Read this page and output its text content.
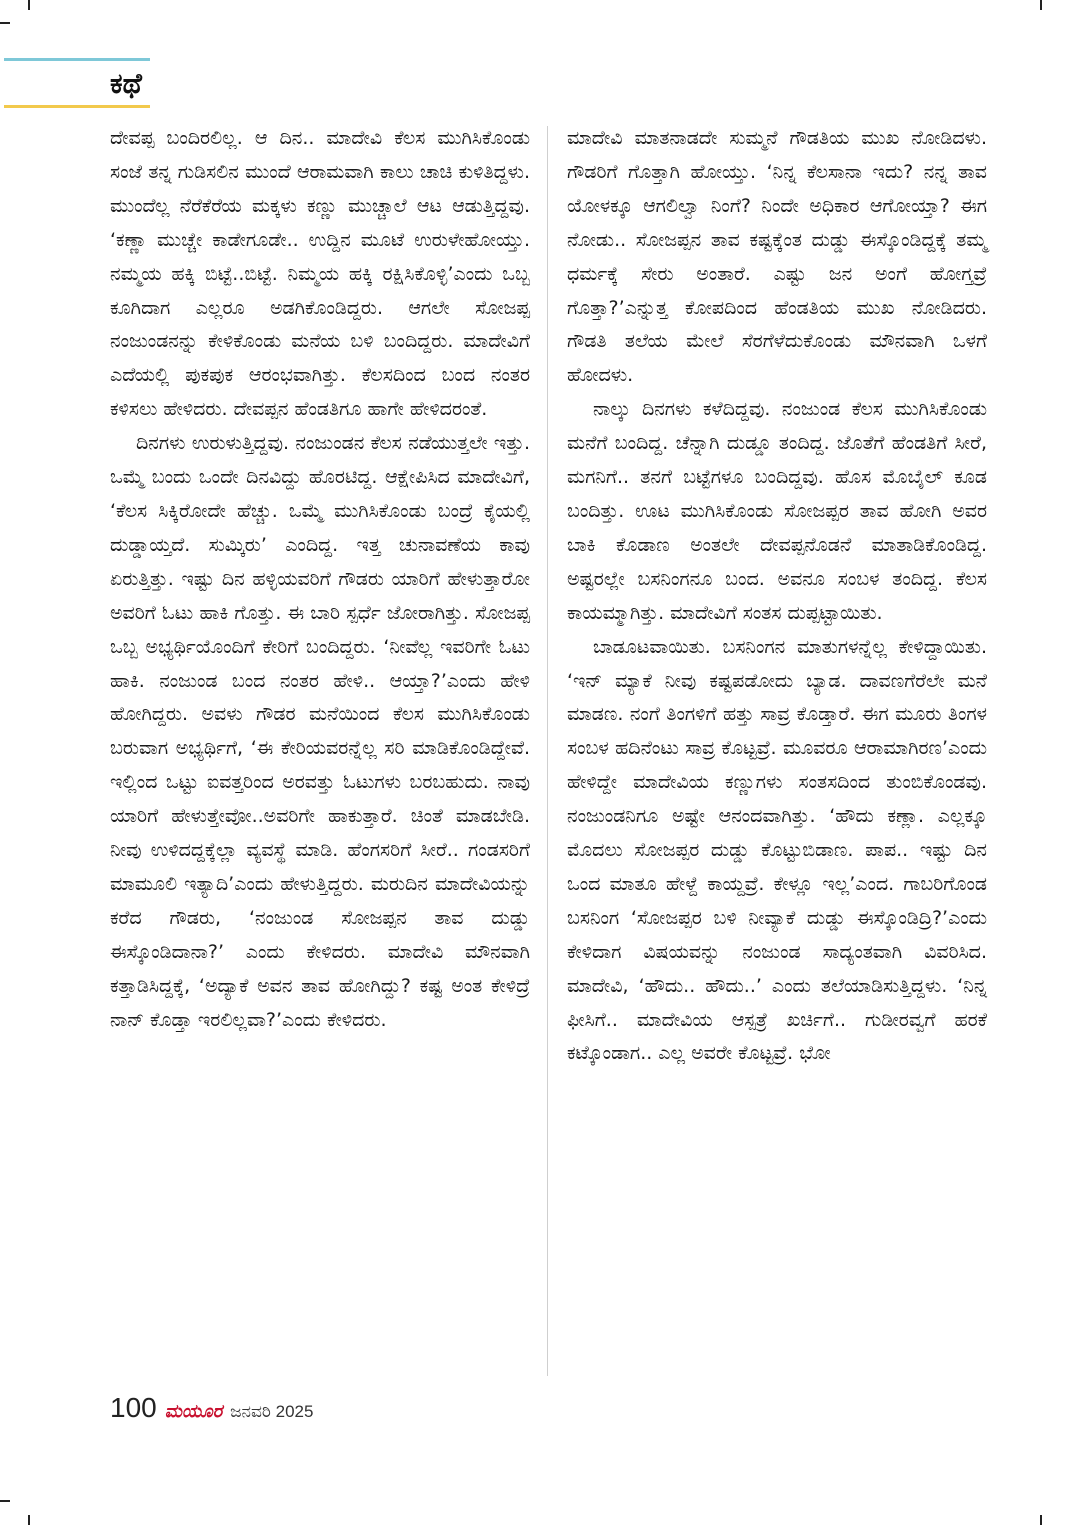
ಕಥೆ

ದೇವಪ್ಪ ಬಂದಿರಲಿಲ್ಲ. ಆ ದಿನ.. ಮಾದೇವಿ ಕೆಲಸ ಮುಗಿಸಿಕೊಂಡು ಸಂಜೆ ತನ್ನ ಗುಡಿಸಲಿನ ಮುಂದೆ ಆರಾಮವಾಗಿ ಕಾಲು ಚಾಚಿ ಕುಳಿತಿದ್ದಳು. ಮುಂದೆಲ್ಲ ನೆರೆಕೆರೆಯ ಮಕ್ಕಳು ಕಣ್ಣು ಮುಚ್ಚಾಲೆ ಆಟ ಆಡುತ್ತಿದ್ದವು. ‘ಕಣ್ಣಾ ಮುಚ್ಚೇ ಕಾಡೇಗೂಡೇ.. ಉದ್ದಿನ ಮೂಟೆ ಉರುಳೇಹೋಯ್ತು. ನಮ್ಮಯ ಹಕ್ಕಿ ಬಿಟ್ಟೆ..ಬಿಟ್ಟೆ. ನಿಮ್ಮಯ ಹಕ್ಕಿ ರಕ್ಷಿಸಿಕೊಳ್ಳಿ’ಎಂದು ಒಬ್ಬ ಕೂಗಿದಾಗ ಎಲ್ಲರೂ ಅಡಗಿಕೊಂಡಿದ್ದರು. ಆಗಲೇ ಸೋಜಪ್ಪ ನಂಜುಂಡನನ್ನು ಕೇಳಿಕೊಂಡು ಮನೆಯ ಬಳಿ ಬಂದಿದ್ದರು. ಮಾದೇವಿಗೆ ಎದೆಯಲ್ಲಿ ಪುಕಪುಕ ಆರಂಭವಾಗಿತ್ತು. ಕೆಲಸದಿಂದ ಬಂದ ನಂತರ ಕಳಿಸಲು ಹೇಳಿದರು. ದೇವಪ್ಪನ ಹೆಂಡತಿಗೂ ಹಾಗೇ ಹೇಳಿದರಂತೆ.

ದಿನಗಳು ಉರುಳುತ್ತಿದ್ದವು. ನಂಜುಂಡನ ಕೆಲಸ ನಡೆಯುತ್ತಲೇ ಇತ್ತು. ಒಮ್ಮೆ ಬಂದು ಒಂದೇ ದಿನವಿದ್ದು ಹೊರಟಿದ್ದ. ಆಕ್ಷೇಪಿಸಿದ ಮಾದೇವಿಗೆ, ‘ಕೆಲಸ ಸಿಕ್ಕಿರೋದೇ ಹೆಚ್ಚು. ಒಮ್ಮೆ ಮುಗಿಸಿಕೊಂಡು ಬಂದ್ರೆ ಕೈಯಲ್ಲಿ ದುಡ್ಡಾಯ್ತದೆ. ಸುಮ್ಕಿರು’ ಎಂದಿದ್ದ. ಇತ್ತ ಚುನಾವಣೆಯ ಕಾವು ಏರುತ್ತಿತ್ತು. ಇಷ್ಟು ದಿನ ಹಳ್ಳಿಯವರಿಗೆ ಗೌಡರು ಯಾರಿಗೆ ಹೇಳುತ್ತಾರೋ ಅವರಿಗೆ ಓಟು ಹಾಕಿ ಗೊತ್ತು. ಈ ಬಾರಿ ಸ್ಪರ್ಧೆ ಜೋರಾಗಿತ್ತು. ಸೋಜಪ್ಪ ಒಬ್ಬ ಅಭ್ಯರ್ಥಿಯೊಂದಿಗೆ ಕೇರಿಗೆ ಬಂದಿದ್ದರು. ‘ನೀವೆಲ್ಲ ಇವರಿಗೇ ಓಟು ಹಾಕಿ. ನಂಜುಂಡ ಬಂದ ನಂತರ ಹೇಳಿ.. ಆಯ್ತಾ?’ಎಂದು ಹೇಳಿ ಹೋಗಿದ್ದರು. ಅವಳು ಗೌಡರ ಮನೆಯಿಂದ ಕೆಲಸ ಮುಗಿಸಿಕೊಂಡು ಬರುವಾಗ ಅಭ್ಯರ್ಥಿಗೆ, ‘ಈ ಕೇರಿಯವರನ್ನೆಲ್ಲ ಸರಿ ಮಾಡಿಕೊಂಡಿದ್ದೇವೆ. ಇಲ್ಲಿಂದ ಒಟ್ಟು ಐವತ್ತರಿಂದ ಅರವತ್ತು ಓಟುಗಳು ಬರಬಹುದು. ನಾವು ಯಾರಿಗೆ ಹೇಳುತ್ತೇವೋ..ಅವರಿಗೇ ಹಾಕುತ್ತಾರೆ. ಚಿಂತೆ ಮಾಡಬೇಡಿ. ನೀವು ಉಳಿದದ್ದಕ್ಕೆಲ್ಲಾ ವ್ಯವಸ್ಥೆ ಮಾಡಿ. ಹೆಂಗಸರಿಗೆ ಸೀರೆ.. ಗಂಡಸರಿಗೆ ಮಾಮೂಲಿ ಇತ್ಯಾದಿ’ಎಂದು ಹೇಳುತ್ತಿದ್ದರು. ಮರುದಿನ ಮಾದೇವಿಯನ್ನು ಕರೆದ ಗೌಡರು, ‘ನಂಜುಂಡ ಸೋಜಪ್ಪನ ತಾವ ದುಡ್ಡು ಈಸ್ಕೊಂಡಿದಾನಾ?’ ಎಂದು ಕೇಳಿದರು. ಮಾದೇವಿ ಮೌನವಾಗಿ ಕತ್ತಾಡಿಸಿದ್ದಕ್ಕೆ, ‘ಅದ್ಯಾಕೆ ಅವನ ತಾವ ಹೋಗಿದ್ದು? ಕಷ್ಟ ಅಂತ ಕೇಳಿದ್ರೆ ನಾನ್ ಕೊಡ್ತಾ ಇರಲಿಲ್ಲವಾ?’ಎಂದು ಕೇಳಿದರು.

ಮಾದೇವಿ ಮಾತನಾಡದೇ ಸುಮ್ಮನೆ ಗೌಡತಿಯ ಮುಖ ನೋಡಿದಳು. ಗೌಡರಿಗೆ ಗೊತ್ತಾಗಿ ಹೋಯ್ತು. ‘ನಿನ್ನ ಕೆಲಸಾನಾ ಇದು? ನನ್ನ ತಾವ ಯೋಳಕ್ಕೂ ಆಗಲಿಲ್ವಾ ನಿಂಗೆ? ನಿಂದೇ ಅಧಿಕಾರ ಆಗೋಯ್ತಾ? ಈಗ ನೋಡು.. ಸೋಜಪ್ಪನ ತಾವ ಕಷ್ಟಕ್ಕೆಂತ ದುಡ್ಡು ಈಸ್ಕೊಂಡಿದ್ದಕ್ಕೆ ತಮ್ಮ ಧರ್ಮಕ್ಕೆ ಸೇರು ಅಂತಾರೆ. ಎಷ್ಟು ಜನ ಅಂಗೆ ಹೋಗ್ತವ್ರೆ ಗೊತ್ತಾ?’ಎನ್ನುತ್ತ ಕೋಪದಿಂದ ಹೆಂಡತಿಯ ಮುಖ ನೋಡಿದರು. ಗೌಡತಿ ತಲೆಯ ಮೇಲೆ ಸೆರಗೆಳೆದುಕೊಂಡು ಮೌನವಾಗಿ ಒಳಗೆ ಹೋದಳು.

ನಾಲ್ಕು ದಿನಗಳು ಕಳೆದಿದ್ದವು. ನಂಜುಂಡ ಕೆಲಸ ಮುಗಿಸಿಕೊಂಡು ಮನೆಗೆ ಬಂದಿದ್ದ. ಚೆನ್ನಾಗಿ ದುಡ್ಡೂ ತಂದಿದ್ದ. ಜೊತೆಗೆ ಹೆಂಡತಿಗೆ ಸೀರೆ, ಮಗನಿಗೆ.. ತನಗೆ ಬಟ್ಟೆಗಳೂ ಬಂದಿದ್ದವು. ಹೊಸ ಮೊಬೈಲ್ ಕೂಡ ಬಂದಿತ್ತು. ಊಟ ಮುಗಿಸಿಕೊಂಡು ಸೋಜಪ್ಪರ ತಾವ ಹೋಗಿ ಅವರ ಬಾಕಿ ಕೊಡಾಣ ಅಂತಲೇ ದೇವಪ್ಪನೊಡನೆ ಮಾತಾಡಿಕೊಂಡಿದ್ದ. ಅಷ್ಟರಲ್ಲೇ ಬಸನಿಂಗನೂ ಬಂದ. ಅವನೂ ಸಂಬಳ ತಂದಿದ್ದ. ಕೆಲಸ ಕಾಯಮ್ಮಾಗಿತ್ತು. ಮಾದೇವಿಗೆ ಸಂತಸ ದುಪ್ಪಟ್ಟಾಯಿತು.

ಬಾಡೂಟವಾಯಿತು. ಬಸನಿಂಗನ ಮಾತುಗಳನ್ನೆಲ್ಲ ಕೇಳಿದ್ದಾಯಿತು. ‘ಇನ್ ಮ್ಯಾಕೆ ನೀವು ಕಷ್ಟಪಡೋದು ಬ್ಯಾಡ. ದಾವಣಗೆರೆಲೇ ಮನೆ ಮಾಡಣ. ನಂಗೆ ತಿಂಗಳಿಗೆ ಹತ್ತು ಸಾವ್ರ ಕೊಡ್ತಾರೆ. ಈಗ ಮೂರು ತಿಂಗಳ ಸಂಬಳ ಹದಿನೆಂಟು ಸಾವ್ರ ಕೊಟ್ಟವ್ರೆ. ಮೂವರೂ ಆರಾಮಾಗಿರಣ’ಎಂದು ಹೇಳಿದ್ದೇ ಮಾದೇವಿಯ ಕಣ್ಣುಗಳು ಸಂತಸದಿಂದ ತುಂಬಿಕೊಂಡವು. ನಂಜುಂಡನಿಗೂ ಅಷ್ಟೇ ಆನಂದವಾಗಿತ್ತು. ‘ಹೌದು ಕಣ್ಲಾ. ಎಲ್ಲಕ್ಕೂ ಮೊದಲು ಸೋಜಪ್ಪರ ದುಡ್ಡು ಕೊಟ್ಟುಬಿಡಾಣ. ಪಾಪ.. ಇಷ್ಟು ದಿನ ಒಂದ ಮಾತೂ ಹೇಳ್ದೆ ಕಾಯ್ದವ್ರೆ. ಕೇಳ್ಲೂ ಇಲ್ಲ’ಎಂದ. ಗಾಬರಿಗೊಂಡ ಬಸನಿಂಗ ‘ಸೋಜಪ್ಪರ ಬಳಿ ನೀವ್ಯಾಕೆ ದುಡ್ಡು ಈಸ್ಕೊಂಡಿದ್ರಿ?’ಎಂದು ಕೇಳಿದಾಗ ವಿಷಯವನ್ನು ನಂಜುಂಡ ಸಾದ್ಯಂತವಾಗಿ ವಿವರಿಸಿದ. ಮಾದೇವಿ, ‘ಹೌದು.. ಹೌದು..’ ಎಂದು ತಲೆಯಾಡಿಸುತ್ತಿದ್ದಳು. ‘ನಿನ್ನ ಫೀಸಿಗೆ.. ಮಾದೇವಿಯ ಆಸ್ಪತ್ರೆ ಖರ್ಚಿಗೆ.. ಗುಡೀರವ್ವಗೆ ಹರಕೆ ಕಟ್ಕೊಂಡಾಗ.. ಎಲ್ಲ ಅವರೇ ಕೊಟ್ಟವ್ರೆ. ಭೋ

100 ಮಯೂರ ಜನವರಿ 2025
